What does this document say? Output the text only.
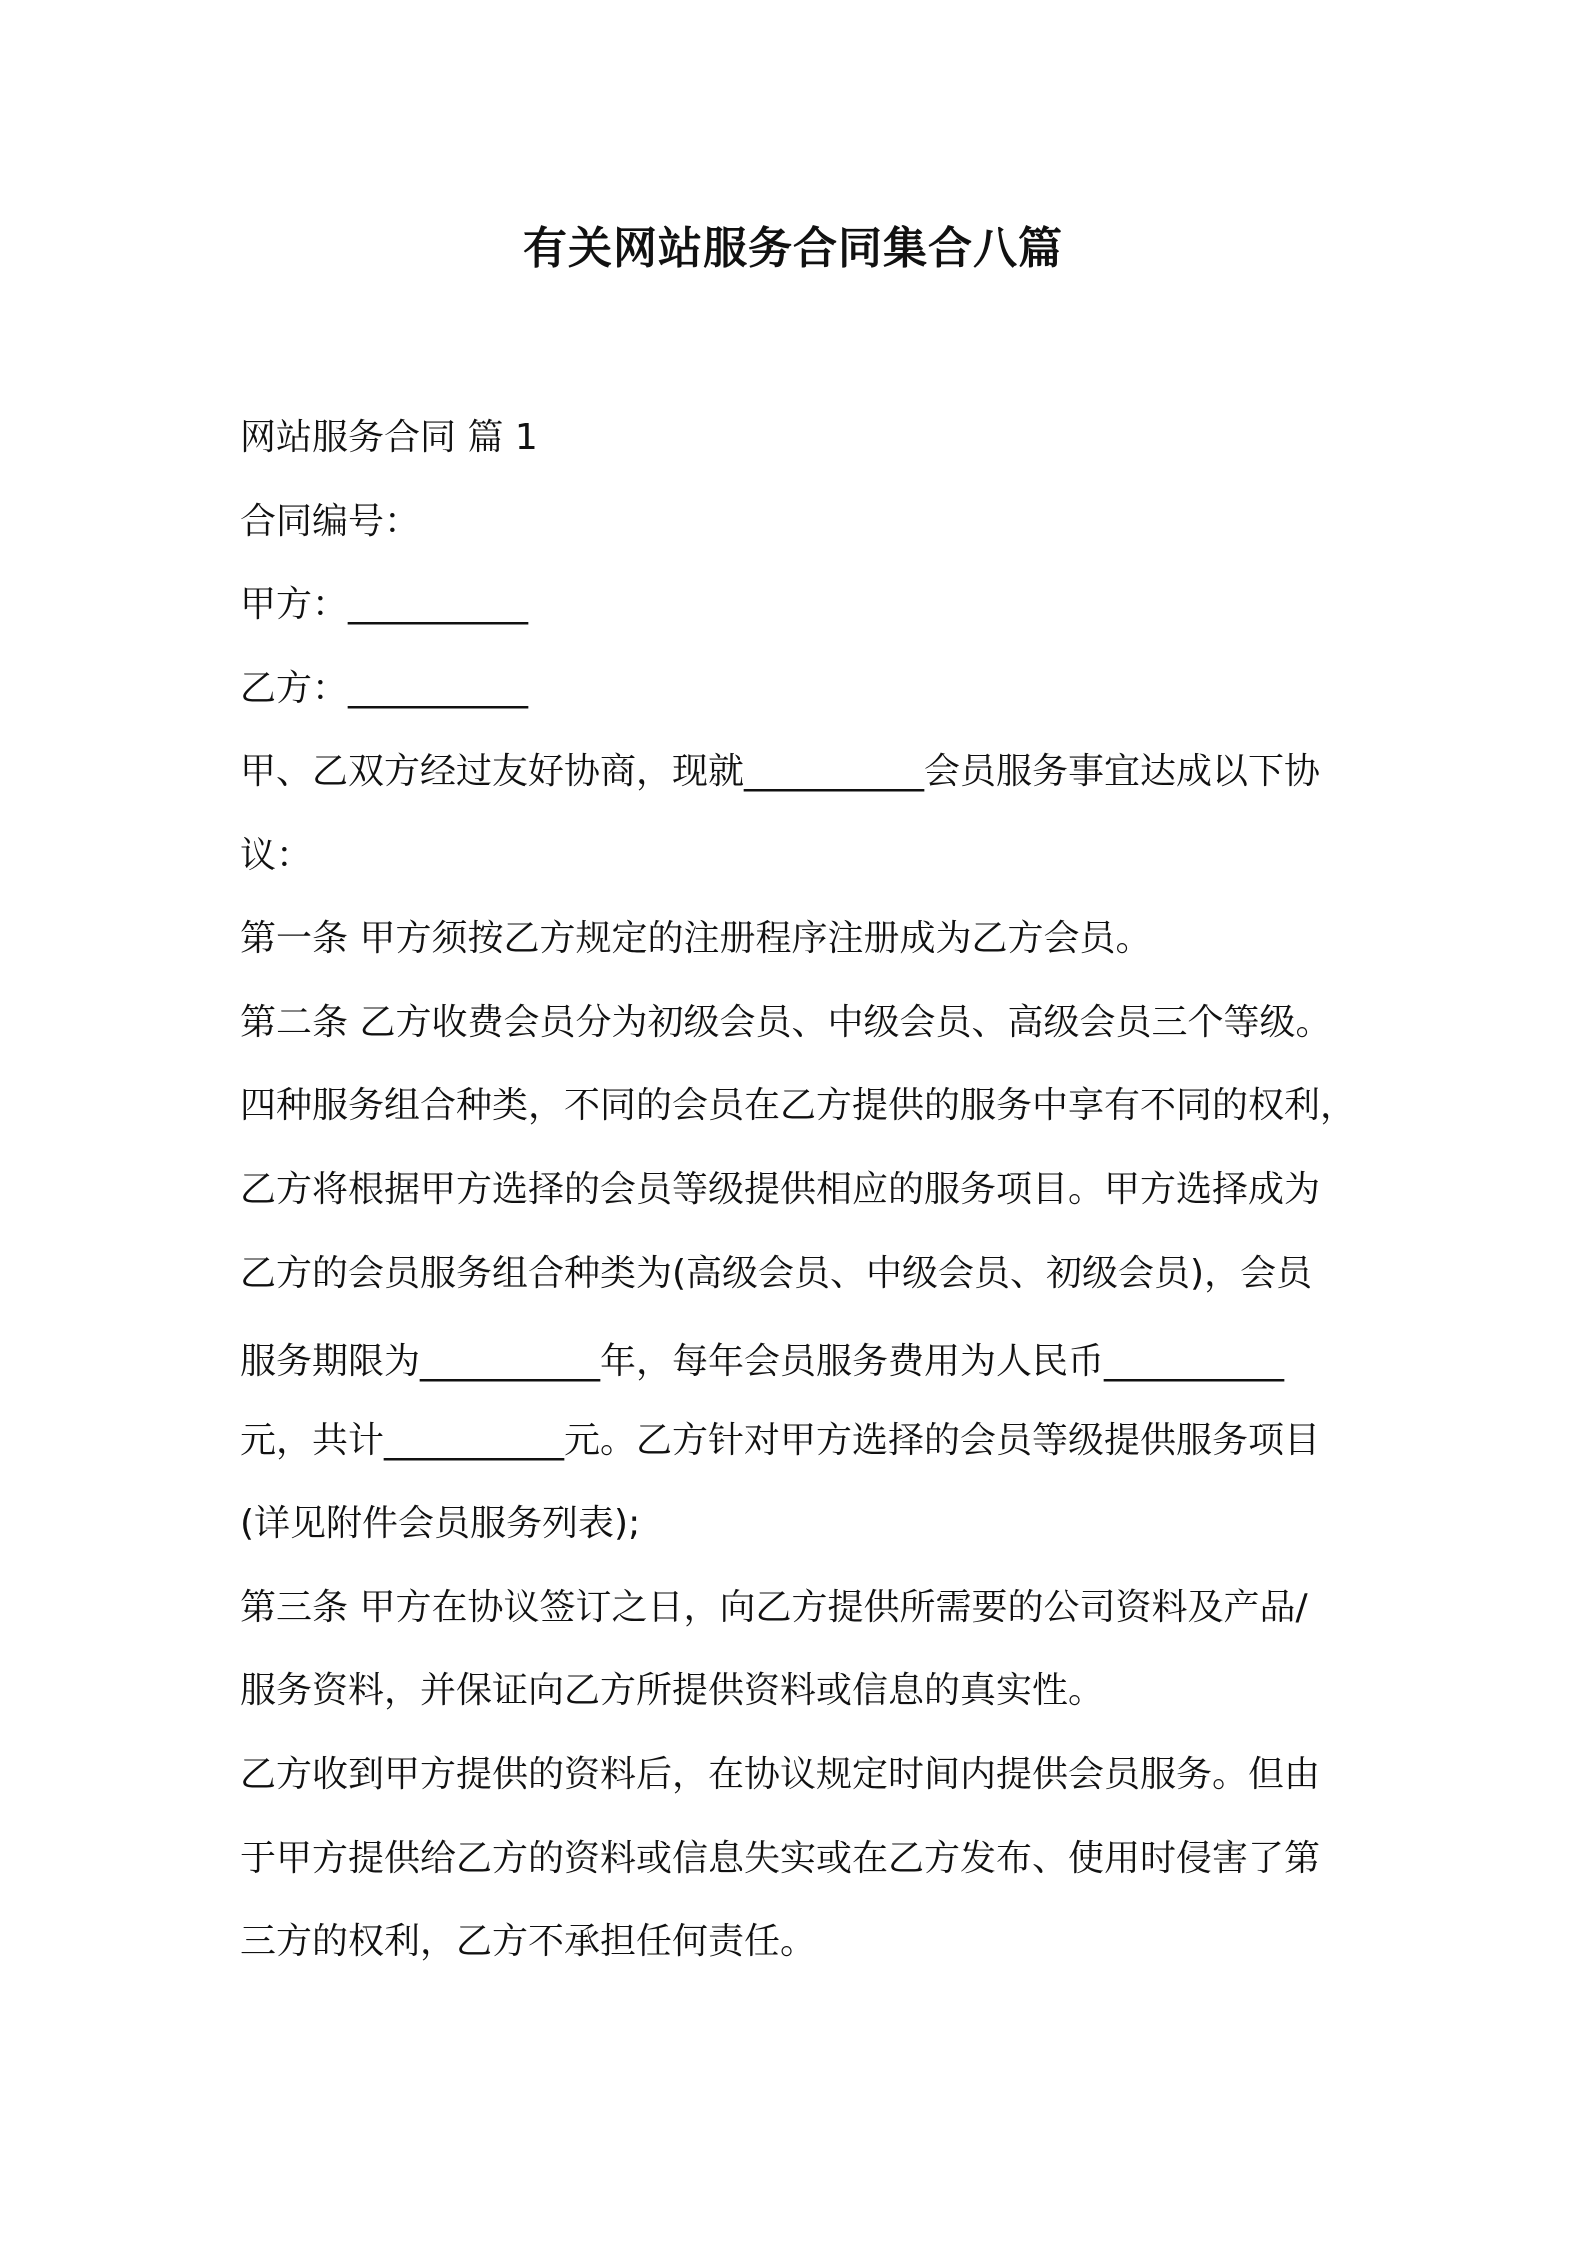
有关网站服务合同集合八篇
网站服务合同 篇 1
合同编号：
甲方：__________
乙方：__________
甲、乙双方经过友好协商，现就__________会员服务事宜达成以下协
议：
第一条 甲方须按乙方规定的注册程序注册成为乙方会员。
第二条 乙方收费会员分为初级会员、中级会员、高级会员三个等级。
四种服务组合种类，不同的会员在乙方提供的服务中享有不同的权利，
乙方将根据甲方选择的会员等级提供相应的服务项目。甲方选择成为
乙方的会员服务组合种类为(高级会员、中级会员、初级会员)，会员
服务期限为__________年，每年会员服务费用为人民币__________
元，共计__________元。乙方针对甲方选择的会员等级提供服务项目
(详见附件会员服务列表);
第三条 甲方在协议签订之日，向乙方提供所需要的公司资料及产品/
服务资料，并保证向乙方所提供资料或信息的真实性。
乙方收到甲方提供的资料后，在协议规定时间内提供会员服务。但由
于甲方提供给乙方的资料或信息失实或在乙方发布、使用时侵害了第
三方的权利，乙方不承担任何责任。
